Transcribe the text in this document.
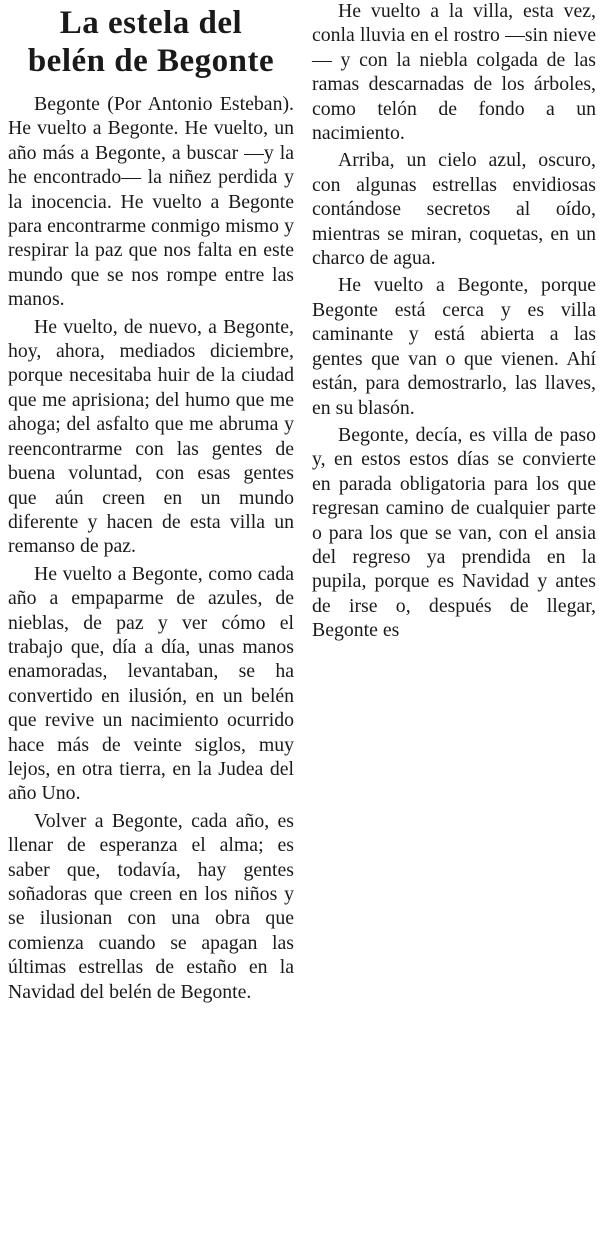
La estela del
belén de Begonte

Begonte (Por Antonio Esteban). He vuelto a Begonte. He vuelto, un año más a Begonte, a buscar —y la he encontrado— la niñez perdida y la inocencia. He vuelto a Begonte para encontrarme conmigo mismo y respirar la paz que nos falta en este mundo que se nos rompe entre las manos.

He vuelto, de nuevo, a Begonte, hoy, ahora, mediados diciembre, porque necesitaba huir de la ciudad que me aprisiona; del humo que me ahoga; del asfalto que me abruma y reencontrarme con las gentes de buena voluntad, con esas gentes que aún creen en un mundo diferente y hacen de esta villa un remanso de paz.

He vuelto a Begonte, como cada año a empaparme de azules, de nieblas, de paz y ver cómo el trabajo que, día a día, unas manos enamoradas, levantaban, se ha convertido en ilusión, en un belén que revive un nacimiento ocurrido hace más de veinte siglos, muy lejos, en otra tierra, en la Judea del año Uno.

Volver a Begonte, cada año, es llenar de esperanza el alma; es saber que, todavía, hay gentes soñadoras que creen en los niños y se ilusionan con una obra que comienza cuando se apagan las últimas estrellas de estaño en la Navidad del belén de Begonte.

He vuelto a la villa, esta vez, conla lluvia en el rostro —sin nieve— y con la niebla colgada de las ramas descarnadas de los árboles, como telón de fondo a un nacimiento.

Arriba, un cielo azul, oscuro, con algunas estrellas envidiosas contándose secretos al oído, mientras se miran, coquetas, en un charco de agua.

He vuelto a Begonte, porque Begonte está cerca y es villa caminante y está abierta a las gentes que van o que vienen. Ahí están, para demostrarlo, las llaves, en su blasón.

Begonte, decía, es villa de paso y, en estos estos días se convierte en parada obligatoria para los que regresan camino de cualquier parte o para los que se van, con el ansia del regreso ya prendida en la pupila, porque es Navidad y antes de irse o, después de llegar, Begonte es
